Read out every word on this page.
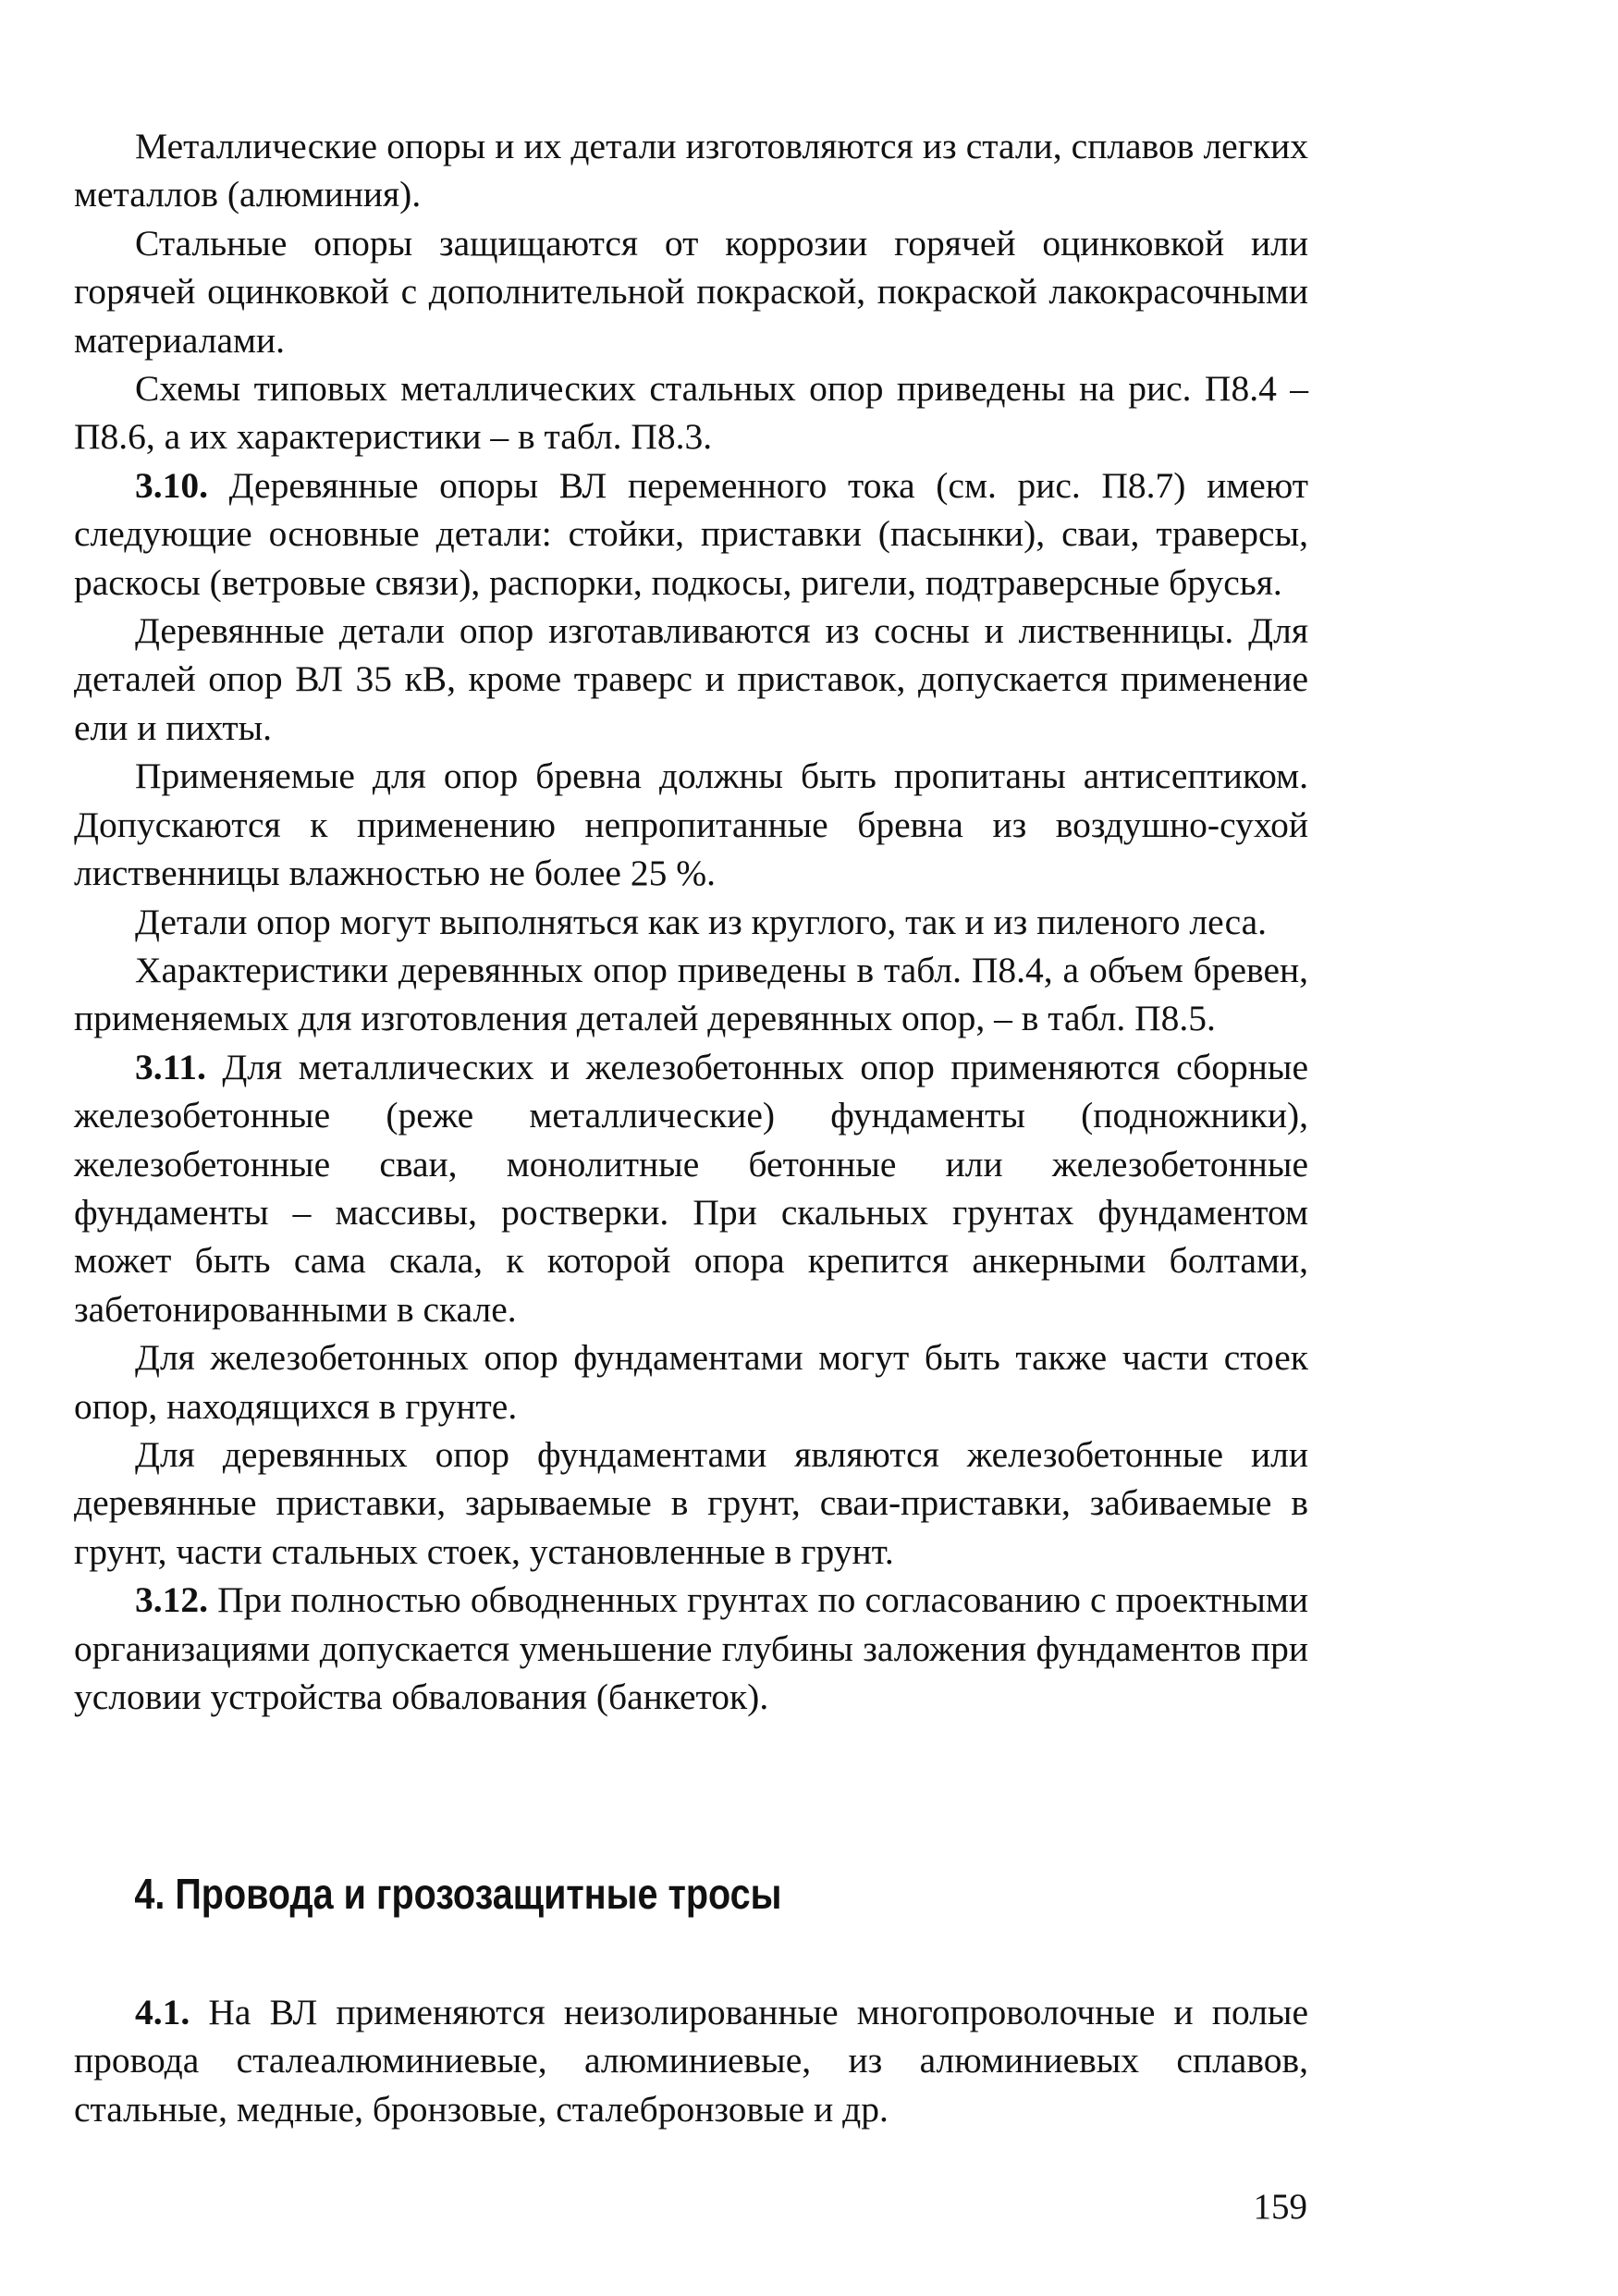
Металлические опоры и их детали изготовляются из стали, сплавов легких металлов (алюминия).

Стальные опоры защищаются от коррозии горячей оцинковкой или горячей оцинковкой с дополнительной покраской, покраской лакокрасочными материалами.

Схемы типовых металлических стальных опор приведены на рис. П8.4 – П8.6, а их характеристики – в табл. П8.3.

3.10. Деревянные опоры ВЛ переменного тока (см. рис. П8.7) имеют следующие основные детали: стойки, приставки (пасынки), сваи, траверсы, раскосы (ветровые связи), распорки, подкосы, ригели, подтраверсные брусья.

Деревянные детали опор изготавливаются из сосны и лиственницы. Для деталей опор ВЛ 35 кВ, кроме траверс и приставок, допускается применение ели и пихты.

Применяемые для опор бревна должны быть пропитаны антисептиком. Допускаются к применению непропитанные бревна из воздушно-сухой лиственницы влажностью не более 25 %.

Детали опор могут выполняться как из круглого, так и из пиленого леса.

Характеристики деревянных опор приведены в табл. П8.4, а объем бревен, применяемых для изготовления деталей деревянных опор, – в табл. П8.5.

3.11. Для металлических и железобетонных опор применяются сборные железобетонные (реже металлические) фундаменты (подножники), железобетонные сваи, монолитные бетонные или железобетонные фундаменты – массивы, ростверки. При скальных грунтах фундаментом может быть сама скала, к которой опора крепится анкерными болтами, забетонированными в скале.

Для железобетонных опор фундаментами могут быть также части стоек опор, находящихся в грунте.

Для деревянных опор фундаментами являются железобетонные или деревянные приставки, зарываемые в грунт, сваи-приставки, забиваемые в грунт, части стальных стоек, установленные в грунт.

3.12. При полностью обводненных грунтах по согласованию с проектными организациями допускается уменьшение глубины заложения фундаментов при условии устройства обвалования (банкеток).

4. Провода и грозозащитные тросы

4.1. На ВЛ применяются неизолированные многопроволочные и полые провода сталеалюминиевые, алюминиевые, из алюминиевых сплавов, стальные, медные, бронзовые, сталебронзовые и др.

159
